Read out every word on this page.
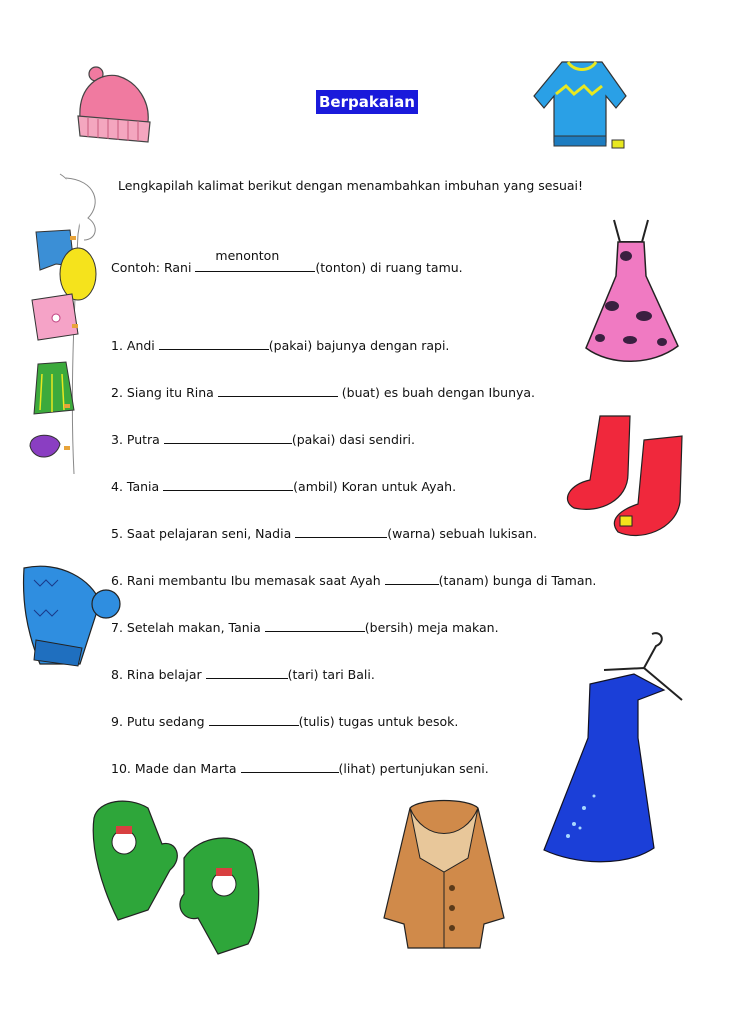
Berpakaian
Lengkapilah kalimat berikut dengan menambahkan imbuhan yang sesuai!
Contoh: Rani
menonton
(tonton) di ruang tamu.
1. Andi	(pakai) bajunya dengan rapi.
2. Siang itu Rina	(buat) es buah dengan Ibunya.
3. Putra	(pakai) dasi sendiri.
4. Tania	(ambil) Koran untuk Ayah.
5. Saat pelajaran seni, Nadia	(warna) sebuah lukisan.
6. Rani membantu Ibu memasak saat Ayah	(tanam) bunga di Taman.
7. Setelah makan, Tania	(bersih) meja makan.
8. Rina belajar	(tari) tari Bali.
9. Putu sedang	(tulis) tugas untuk besok.
10. Made dan Marta	(lihat) pertunjukan seni.
